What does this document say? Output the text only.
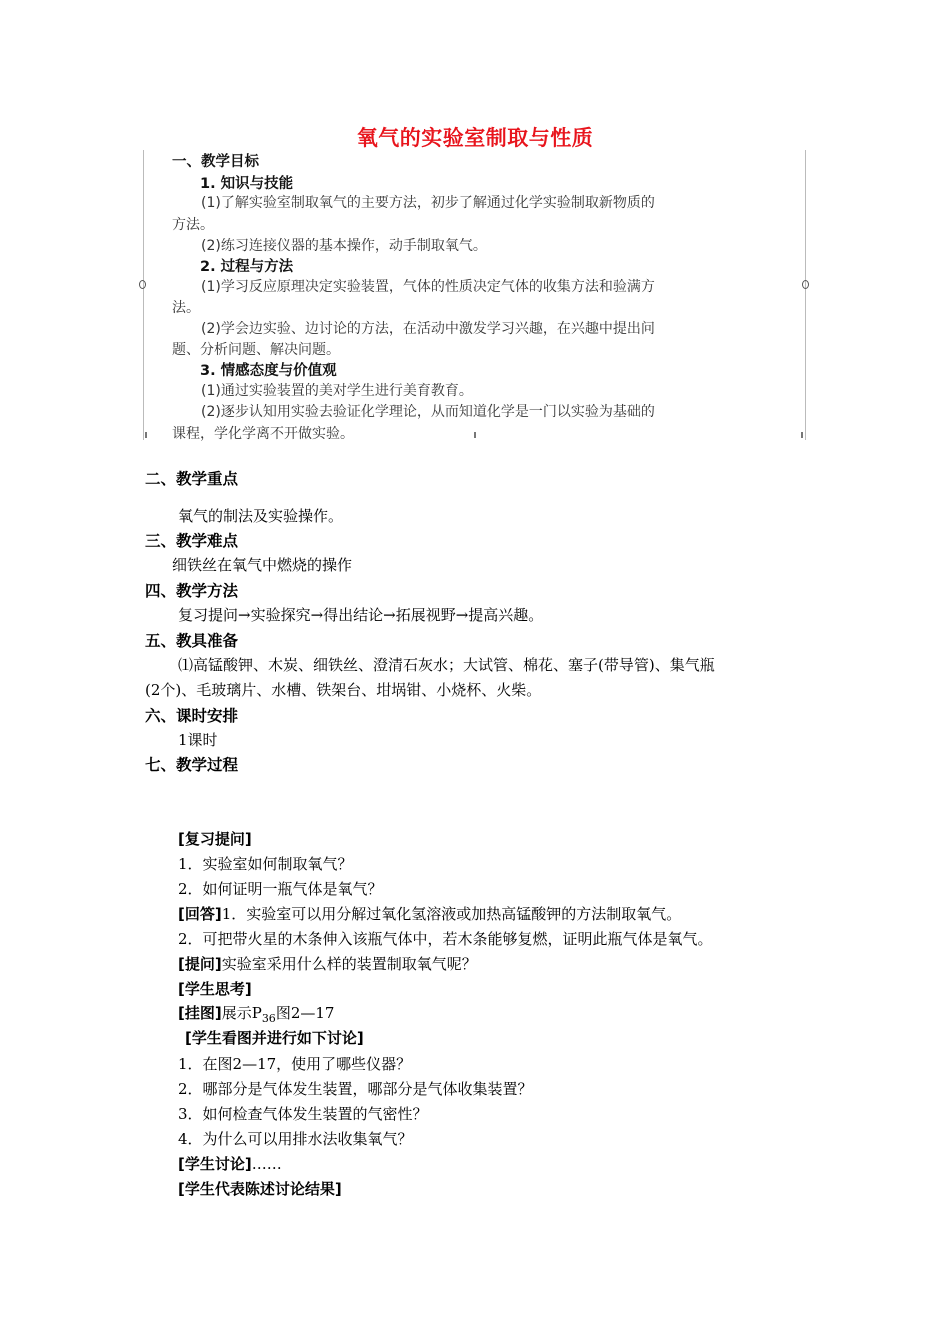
氧气的实验室制取与性质
一、教学目标
1. 知识与技能
(1)了解实验室制取氧气的主要方法，初步了解通过化学实验制取新物质的
方法。
(2)练习连接仪器的基本操作，动手制取氧气。
2. 过程与方法
(1)学习反应原理决定实验装置，气体的性质决定气体的收集方法和验满方
法。
(2)学会边实验、边讨论的方法，在活动中激发学习兴趣，在兴趣中提出问
题、分析问题、解决问题。
3. 情感态度与价值观
(1)通过实验装置的美对学生进行美育教育。
(2)逐步认知用实验去验证化学理论，从而知道化学是一门以实验为基础的
课程，学化学离不开做实验。
二、教学重点
氧气的制法及实验操作。
三、教学难点
细铁丝在氧气中燃烧的操作
四、教学方法
复习提问→实验探究→得出结论→拓展视野→提高兴趣。
五、教具准备
⑴高锰酸钾、木炭、细铁丝、澄清石灰水；大试管、棉花、塞子(带导管)、集气瓶
(2个)、毛玻璃片、水槽、铁架台、坩埚钳、小烧杯、火柴。
六、课时安排
1课时
七、教学过程
[复习提问]
1．实验室如何制取氧气？
2．如何证明一瓶气体是氧气？
[回答]1．实验室可以用分解过氧化氢溶液或加热高锰酸钾的方法制取氧气。
2．可把带火星的木条伸入该瓶气体中，若木条能够复燃，证明此瓶气体是氧气。
[提问]实验室采用什么样的装置制取氧气呢？
[学生思考]
[挂图]展示$P_{36}$图2—17
[学生看图并进行如下讨论]
1．在图2—17，使用了哪些仪器？
2．哪部分是气体发生装置，哪部分是气体收集装置？
3．如何检查气体发生装置的气密性？
4．为什么可以用排水法收集氧气？
[学生讨论]……
[学生代表陈述讨论结果]
